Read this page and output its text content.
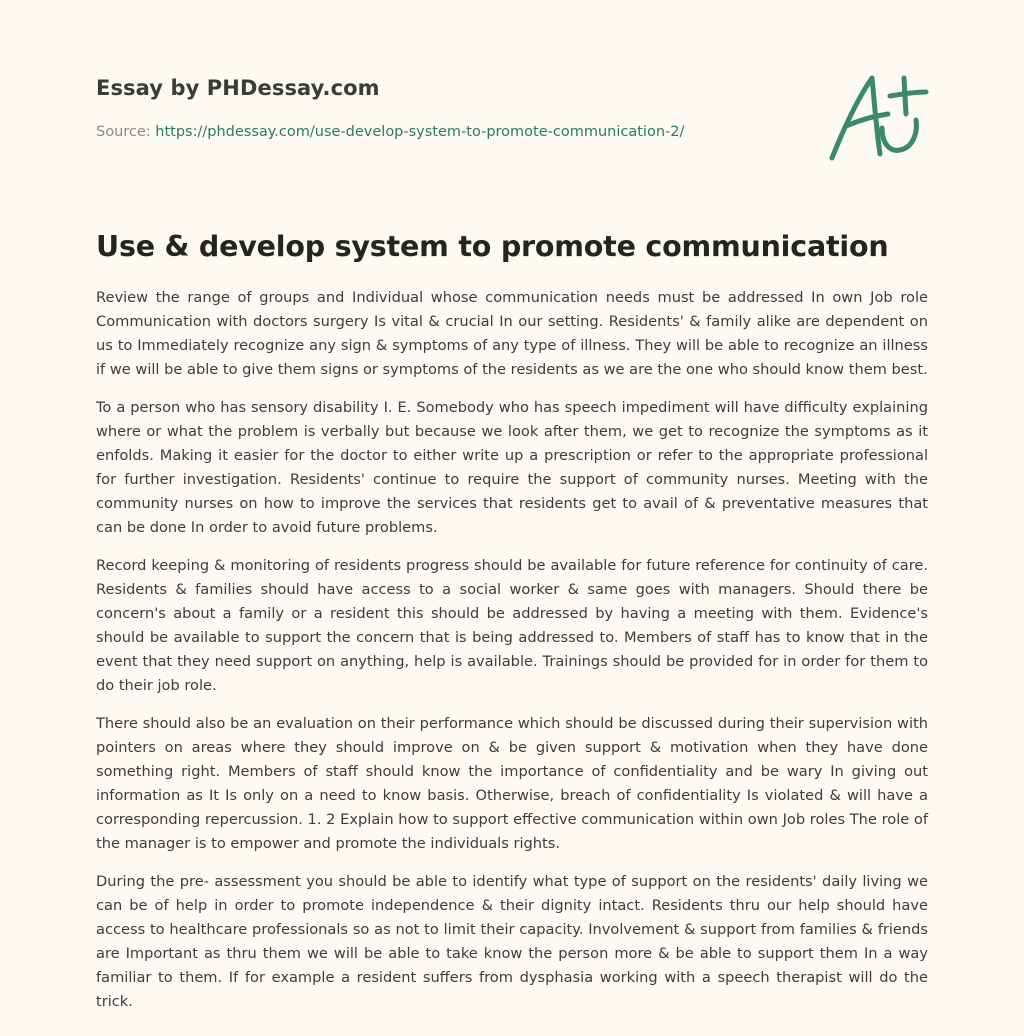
Essay by PHDessay.com
Source: https://phdessay.com/use-develop-system-to-promote-communication-2/
Use & develop system to promote communication

Review the range of groups and Individual whose communication needs must be addressed In own Job role Communication with doctors surgery Is vital & crucial In our setting. Residents' & family alike are dependent on us to Immediately recognize any sign & symptoms of any type of illness. They will be able to recognize an illness if we will be able to give them signs or symptoms of the residents as we are the one who should know them best.

To a person who has sensory disability I. E. Somebody who has speech impediment will have difficulty explaining where or what the problem is verbally but because we look after them, we get to recognize the symptoms as it enfolds. Making it easier for the doctor to either write up a prescription or refer to the appropriate professional for further investigation. Residents' continue to require the support of community nurses. Meeting with the community nurses on how to improve the services that residents get to avail of & preventative measures that can be done In order to avoid future problems.

Record keeping & monitoring of residents progress should be available for future reference for continuity of care. Residents & families should have access to a social worker & same goes with managers. Should there be concern's about a family or a resident this should be addressed by having a meeting with them. Evidence's should be available to support the concern that is being addressed to. Members of staff has to know that in the event that they need support on anything, help is available. Trainings should be provided for in order for them to do their job role.

There should also be an evaluation on their performance which should be discussed during their supervision with pointers on areas where they should improve on & be given support & motivation when they have done something right. Members of staff should know the importance of confidentiality and be wary In giving out information as It Is only on a need to know basis. Otherwise, breach of confidentiality Is violated & will have a corresponding repercussion. 1. 2 Explain how to support effective communication within own Job roles The role of the manager is to empower and promote the individuals rights.

During the pre- assessment you should be able to identify what type of support on the residents' daily living we can be of help in order to promote independence & their dignity intact. Residents thru our help should have access to healthcare professionals so as not to limit their capacity. Involvement & support from families & friends are Important as thru them we will be able to take know the person more & be able to support them In a way familiar to them. If for example a resident suffers from dysphasia working with a speech therapist will do the trick.
